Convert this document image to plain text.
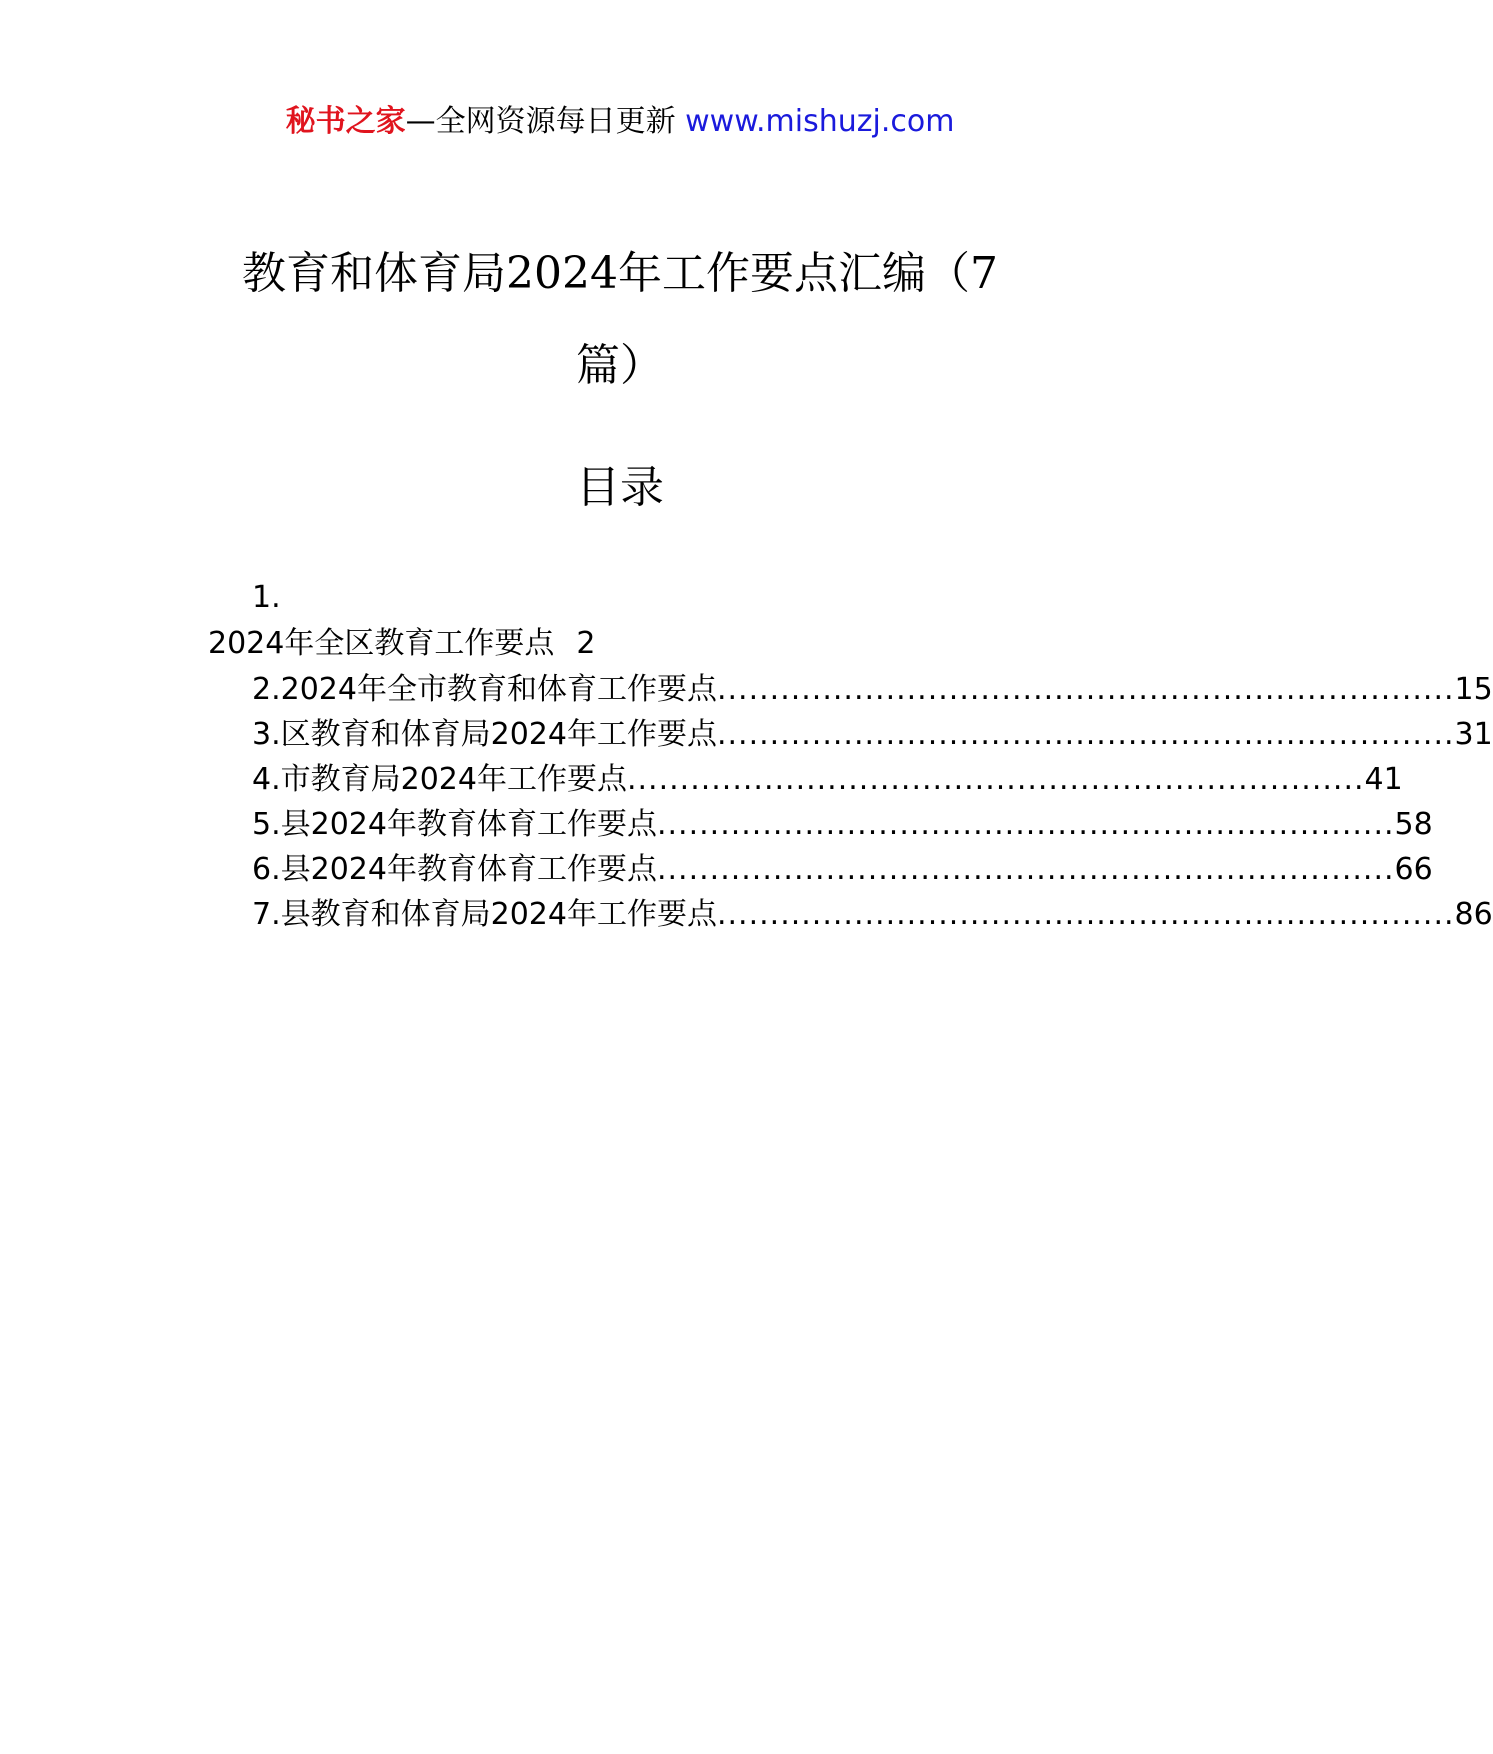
秘书之家—全网资源每日更新 www.mishuzj.com
教育和体育局2024年工作要点汇编（7
篇）
目录
1.
2024年全区教育工作要点 2
2.2024年全市教育和体育工作要点 ...................................................................... 15
3.区教育和体育局2024年工作要点 ...................................................................... 31
4.市教育局2024年工作要点 ...................................................................... 41
5.县2024年教育体育工作要点 ...................................................................... 58
6.县2024年教育体育工作要点 ...................................................................... 66
7.县教育和体育局2024年工作要点 ...................................................................... 86
